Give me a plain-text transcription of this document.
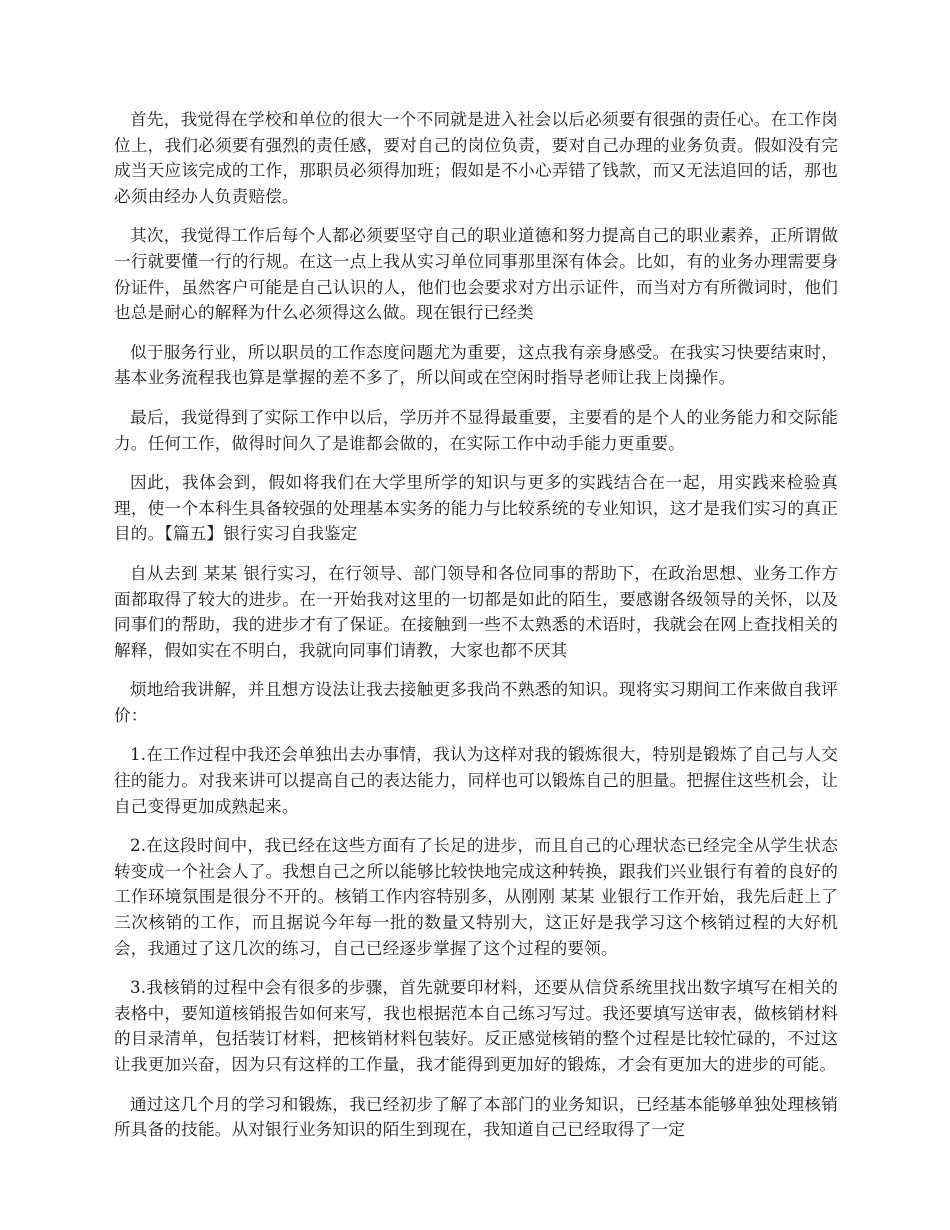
首先，我觉得在学校和单位的很大一个不同就是进入社会以后必须要有很强的责任心。在工作岗位上，我们必须要有强烈的责任感，要对自己的岗位负责，要对自己办理的业务负责。假如没有完成当天应该完成的工作，那职员必须得加班；假如是不小心弄错了钱款，而又无法追回的话，那也必须由经办人负责赔偿。

其次，我觉得工作后每个人都必须要坚守自己的职业道德和努力提高自己的职业素养，正所谓做一行就要懂一行的行规。在这一点上我从实习单位同事那里深有体会。比如，有的业务办理需要身份证件，虽然客户可能是自己认识的人，他们也会要求对方出示证件，而当对方有所微词时，他们也总是耐心的解释为什么必须得这么做。现在银行已经类

似于服务行业，所以职员的工作态度问题尤为重要，这点我有亲身感受。在我实习快要结束时，基本业务流程我也算是掌握的差不多了，所以间或在空闲时指导老师让我上岗操作。

最后，我觉得到了实际工作中以后，学历并不显得最重要，主要看的是个人的业务能力和交际能力。任何工作，做得时间久了是谁都会做的，在实际工作中动手能力更重要。

因此，我体会到，假如将我们在大学里所学的知识与更多的实践结合在一起，用实践来检验真理，使一个本科生具备较强的处理基本实务的能力与比较系统的专业知识，这才是我们实习的真正目的。【篇五】银行实习自我鉴定

自从去到 某某 银行实习，在行领导、部门领导和各位同事的帮助下，在政治思想、业务工作方面都取得了较大的进步。在一开始我对这里的一切都是如此的陌生，要感谢各级领导的关怀，以及同事们的帮助，我的进步才有了保证。在接触到一些不太熟悉的术语时，我就会在网上查找相关的解释，假如实在不明白，我就向同事们请教，大家也都不厌其

烦地给我讲解，并且想方设法让我去接触更多我尚不熟悉的知识。现将实习期间工作来做自我评价：

1.在工作过程中我还会单独出去办事情，我认为这样对我的锻炼很大，特别是锻炼了自己与人交往的能力。对我来讲可以提高自己的表达能力，同样也可以锻炼自己的胆量。把握住这些机会，让自己变得更加成熟起来。

2.在这段时间中，我已经在这些方面有了长足的进步，而且自己的心理状态已经完全从学生状态转变成一个社会人了。我想自己之所以能够比较快地完成这种转换，跟我们兴业银行有着的良好的工作环境氛围是很分不开的。核销工作内容特别多，从刚刚 某某 业银行工作开始，我先后赶上了三次核销的工作，而且据说今年每一批的数量又特别大，这正好是我学习这个核销过程的大好机会，我通过了这几次的练习，自己已经逐步掌握了这个过程的要领。

3.我核销的过程中会有很多的步骤，首先就要印材料，还要从信贷系统里找出数字填写在相关的表格中，要知道核销报告如何来写，我也根据范本自己练习写过。我还要填写送审表，做核销材料的目录清单，包括装订材料，把核销材料包装好。反正感觉核销的整个过程是比较忙碌的，不过这让我更加兴奋，因为只有这样的工作量，我才能得到更加好的锻炼，才会有更加大的进步的可能。

通过这几个月的学习和锻炼，我已经初步了解了本部门的业务知识，已经基本能够单独处理核销所具备的技能。从对银行业务知识的陌生到现在，我知道自己已经取得了一定
